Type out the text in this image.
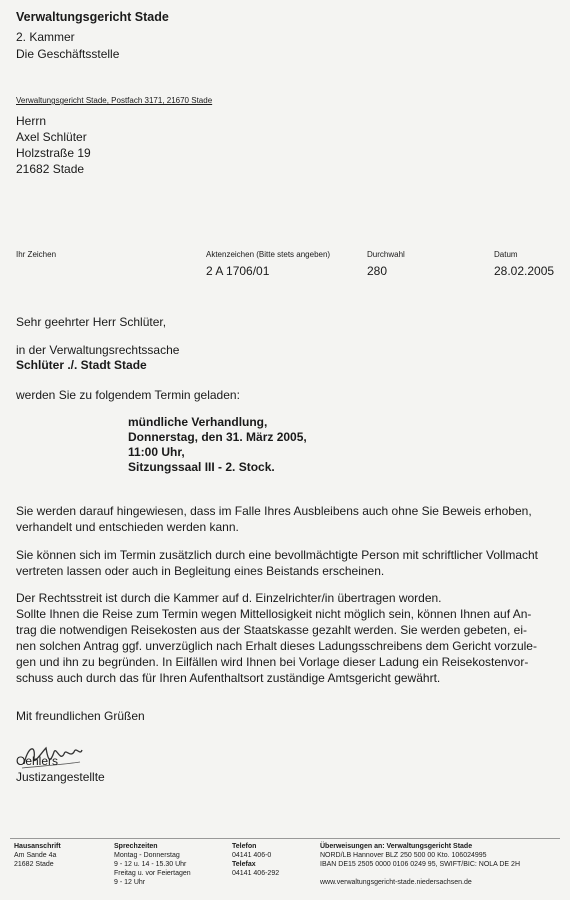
Verwaltungsgericht Stade
2. Kammer
Die Geschäftsstelle
Verwaltungsgericht Stade, Postfach 3171, 21670 Stade
Herrn
Axel Schlüter
Holzstraße 19
21682 Stade
Ihr Zeichen	Aktenzeichen (Bitte stets angeben)
2 A 1706/01
Durchwahl
280
Datum
28.02.2005
Sehr geehrter Herr Schlüter,
in der Verwaltungsrechtssache
Schlüter ./. Stadt Stade
werden Sie zu folgendem Termin geladen:
mündliche Verhandlung,
Donnerstag, den 31. März 2005,
11:00 Uhr,
Sitzungssaal III - 2. Stock.
Sie werden darauf hingewiesen, dass im Falle Ihres Ausbleibens auch ohne Sie Beweis erhoben,
verhandelt und entschieden werden kann.
Sie können sich im Termin zusätzlich durch eine bevollmächtigte Person mit schriftlicher Vollmacht
vertreten lassen oder auch in Begleitung eines Beistands erscheinen.
Der Rechtsstreit ist durch die Kammer auf d. Einzelrichter/in übertragen worden.
Sollte Ihnen die Reise zum Termin wegen Mittellosigkeit nicht möglich sein, können Ihnen auf An-
trag die notwendigen Reisekosten aus der Staatskasse gezahlt werden. Sie werden gebeten, ei-
nen solchen Antrag ggf. unverzüglich nach Erhalt dieses Ladungsschreibens dem Gericht vorzule-
gen und ihn zu begründen. In Eilfällen wird Ihnen bei Vorlage dieser Ladung ein Reisekostenvor-
schuss auch durch das für Ihren Aufenthaltsort zuständige Amtsgericht gewährt.
Mit freundlichen Grüßen
Oehlers
Justizangestellte
Hausanschrift
Am Sande 4a
21682 Stade
Sprechzeiten
Montag - Donnerstag
9 - 12 u. 14 - 15.30 Uhr
Freitag u. vor Feiertagen
9 - 12 Uhr
Telefon
04141 406-0
Telefax
04141 406-292
Überweisungen an: Verwaltungsgericht Stade
NORD/LB Hannover BLZ 250 500 00 Kto. 106024995
IBAN DE15 2505 0000 0106 0249 95, SWIFT/BIC: NOLA DE 2H
www.verwaltungsgericht-stade.niedersachsen.de
